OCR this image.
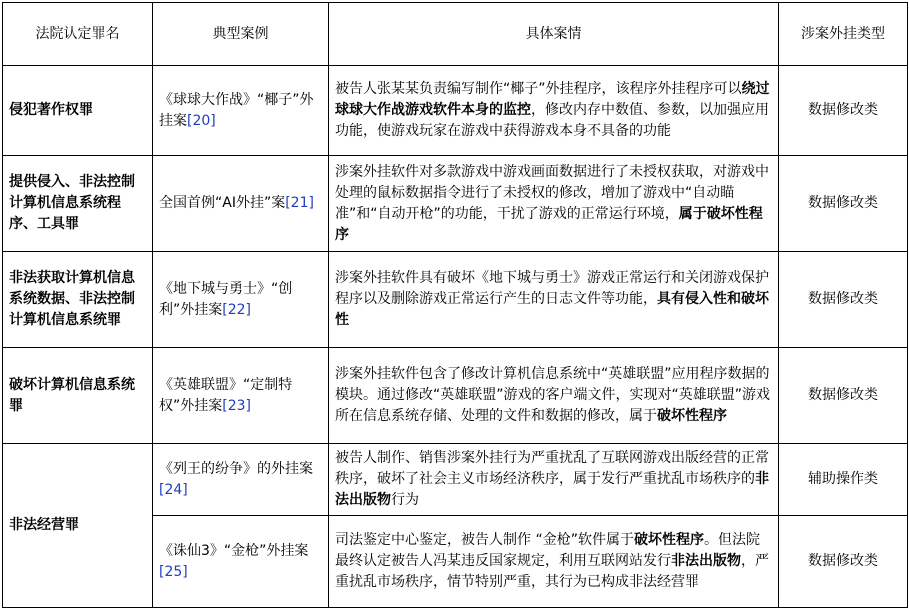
法院认定罪名	典型案例	具体案情	涉案外挂类型
侵犯著作权罪	《球球大作战》“椰子”外挂案[20]	被告人张某某负责编写制作“椰子”外挂程序，该程序外挂程序可以绕过球球大作战游戏软件本身的监控，修改内存中数值、参数，以加强应用功能，使游戏玩家在游戏中获得游戏本身不具备的功能	数据修改类
提供侵入、非法控制计算机信息系统程序、工具罪	全国首例“AI外挂”案[21]	涉案外挂软件对多款游戏中游戏画面数据进行了未授权获取，对游戏中处理的鼠标数据指令进行了未授权的修改，增加了游戏中“自动瞄准”和“自动开枪”的功能，干扰了游戏的正常运行环境，属于破坏性程序	数据修改类
非法获取计算机信息系统数据、非法控制计算机信息系统罪	《地下城与勇士》“创利”外挂案[22]	涉案外挂软件具有破坏《地下城与勇士》游戏正常运行和关闭游戏保护程序以及删除游戏正常运行产生的日志文件等功能，具有侵入性和破坏性	数据修改类
破坏计算机信息系统罪	《英雄联盟》“定制特权”外挂案[23]	涉案外挂软件包含了修改计算机信息系统中“英雄联盟”应用程序数据的模块。通过修改“英雄联盟”游戏的客户端文件，实现对“英雄联盟”游戏所在信息系统存储、处理的文件和数据的修改，属于破坏性程序	数据修改类
非法经营罪	《列王的纷争》的外挂案[24]	被告人制作、销售涉案外挂行为严重扰乱了互联网游戏出版经营的正常秩序，破坏了社会主义市场经济秩序，属于发行严重扰乱市场秩序的非法出版物行为	辅助操作类
	《诛仙3》“金枪”外挂案[25]	司法鉴定中心鉴定，被告人制作 “金枪”软件属于破坏性程序。但法院最终认定被告人冯某违反国家规定，利用互联网站发行非法出版物，严重扰乱市场秩序，情节特别严重，其行为已构成非法经营罪	数据修改类
